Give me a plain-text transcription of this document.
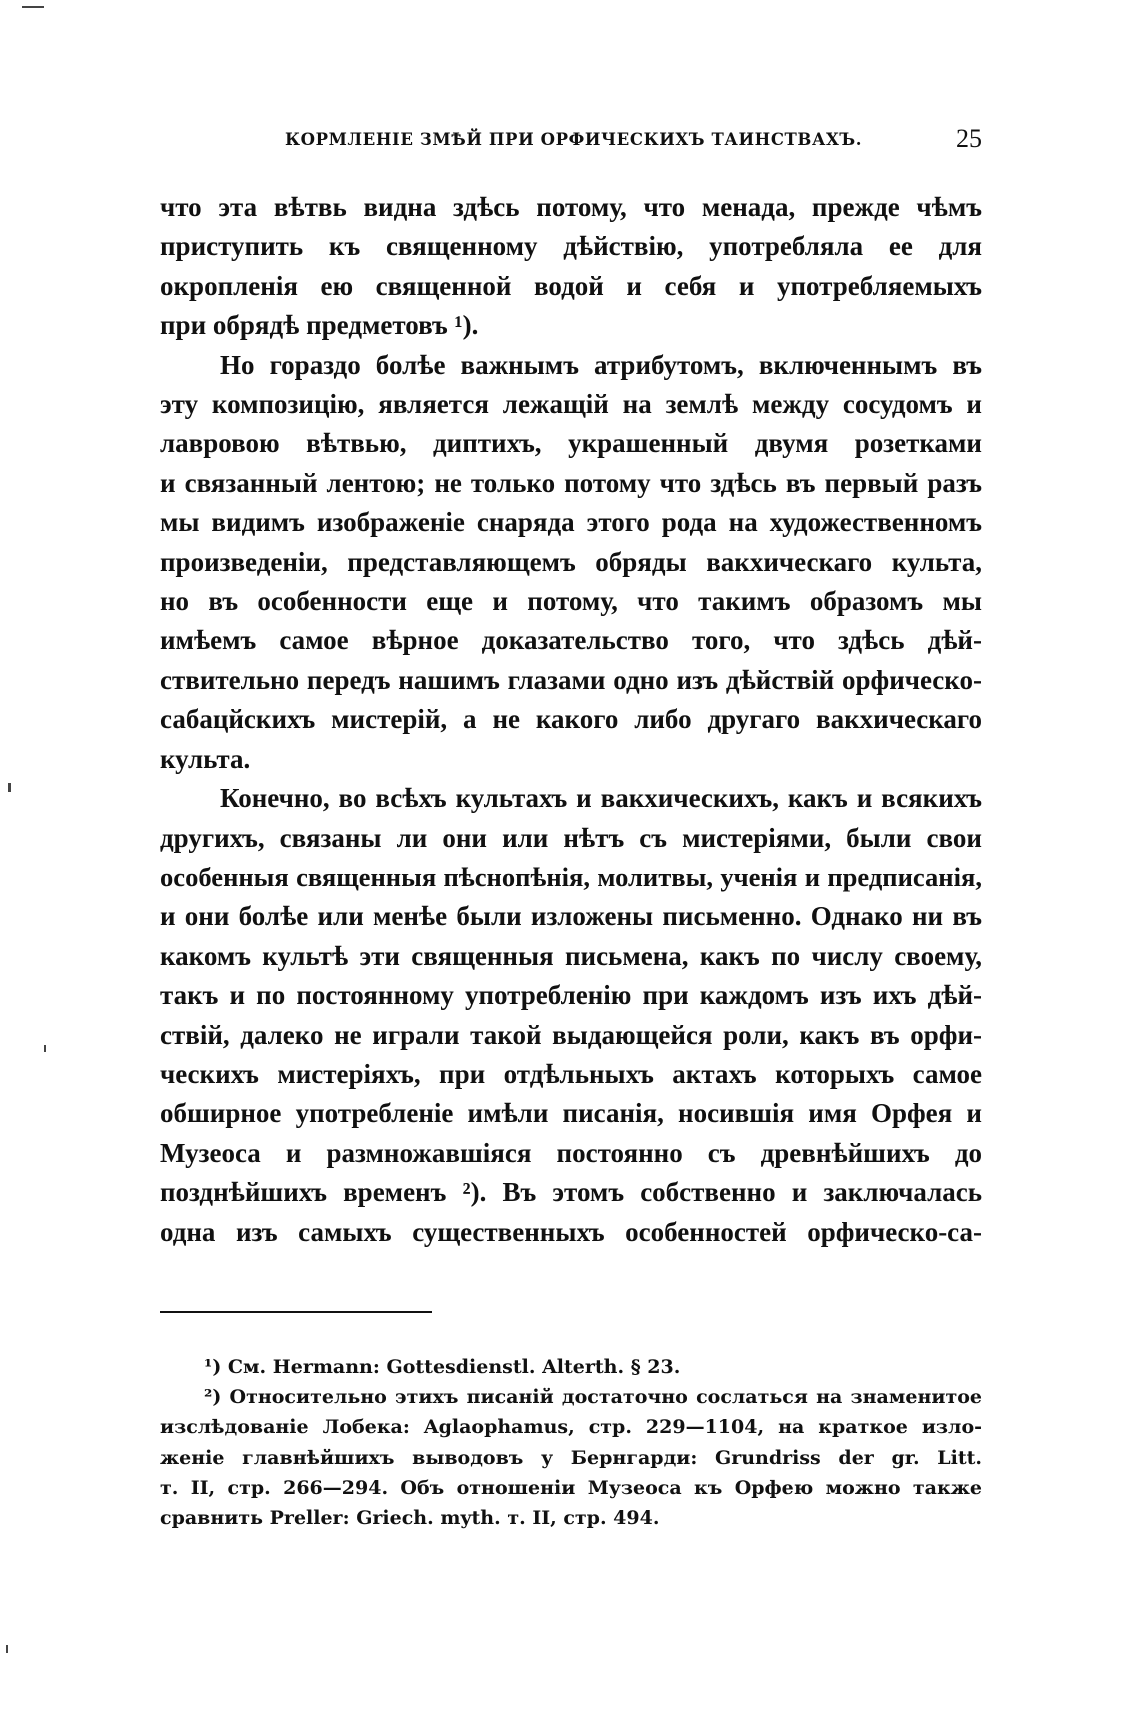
КОРМЛЕНІЕ ЗМѢЙ ПРИ ОРФИЧЕСКИХЪ ТАИНСТВАХЪ.	25
что эта вѣтвь видна здѣсь потому, что менада, прежде чѣмъ
приступить къ священному дѣйствію, употребляла ее для
окропленія ею священной водой и себя и употребляемыхъ
при обрядѣ предметовъ ¹).
Но гораздо болѣе важнымъ атрибутомъ, включеннымъ въ
эту композицію, является лежащій на землѣ между сосудомъ и
лавровою вѣтвью, диптихъ, украшенный двумя розетками
и связанный лентою; не только потому что здѣсь въ первый разъ
мы видимъ изображеніе снаряда этого рода на художественномъ
произведеніи, представляющемъ обряды вакхическаго культа,
но въ особенности еще и потому, что такимъ образомъ мы
имѣемъ самое вѣрное доказательство того, что здѣсь дѣй-
ствительно передъ нашимъ глазами одно изъ дѣйствій орфическо-
сабацйскихъ мистерій, а не какого либо другаго вакхическаго
культа.
Конечно, во всѣхъ культахъ и вакхическихъ, какъ и всякихъ
другихъ, связаны ли они или нѣтъ съ мистеріями, были свои
особенныя священныя пѣснопѣнія, молитвы, ученія и предписанія,
и они болѣе или менѣе были изложены письменно. Однако ни въ
какомъ культѣ эти священныя письмена, какъ по числу своему,
такъ и по постоянному употребленію при каждомъ изъ ихъ дѣй-
ствій, далеко не играли такой выдающейся роли, какъ въ орфи-
ческихъ мистеріяхъ, при отдѣльныхъ актахъ которыхъ самое
обширное употребленіе имѣли писанія, носившія имя Орфея и
Музеоса и размножавшіяся постоянно съ древнѣйшихъ до
позднѣйшихъ временъ ²). Въ этомъ собственно и заключалась
одна изъ самыхъ существенныхъ особенностей орфическо-са-
¹) См. Hermann: Gottesdienstl. Alterth. § 23.
²) Относительно этихъ писаній достаточно сослаться на знаменитое
изслѣдованіе Лобека: Aglaophamus, стр. 229—1104, на краткое изло-
женіе главнѣйшихъ выводовъ у Бернгарди: Grundriss der gr. Litt.
т. II, стр. 266—294. Объ отношеніи Музеоса къ Орфею можно также
сравнить Preller: Griech. myth. т. II, стр. 494.
